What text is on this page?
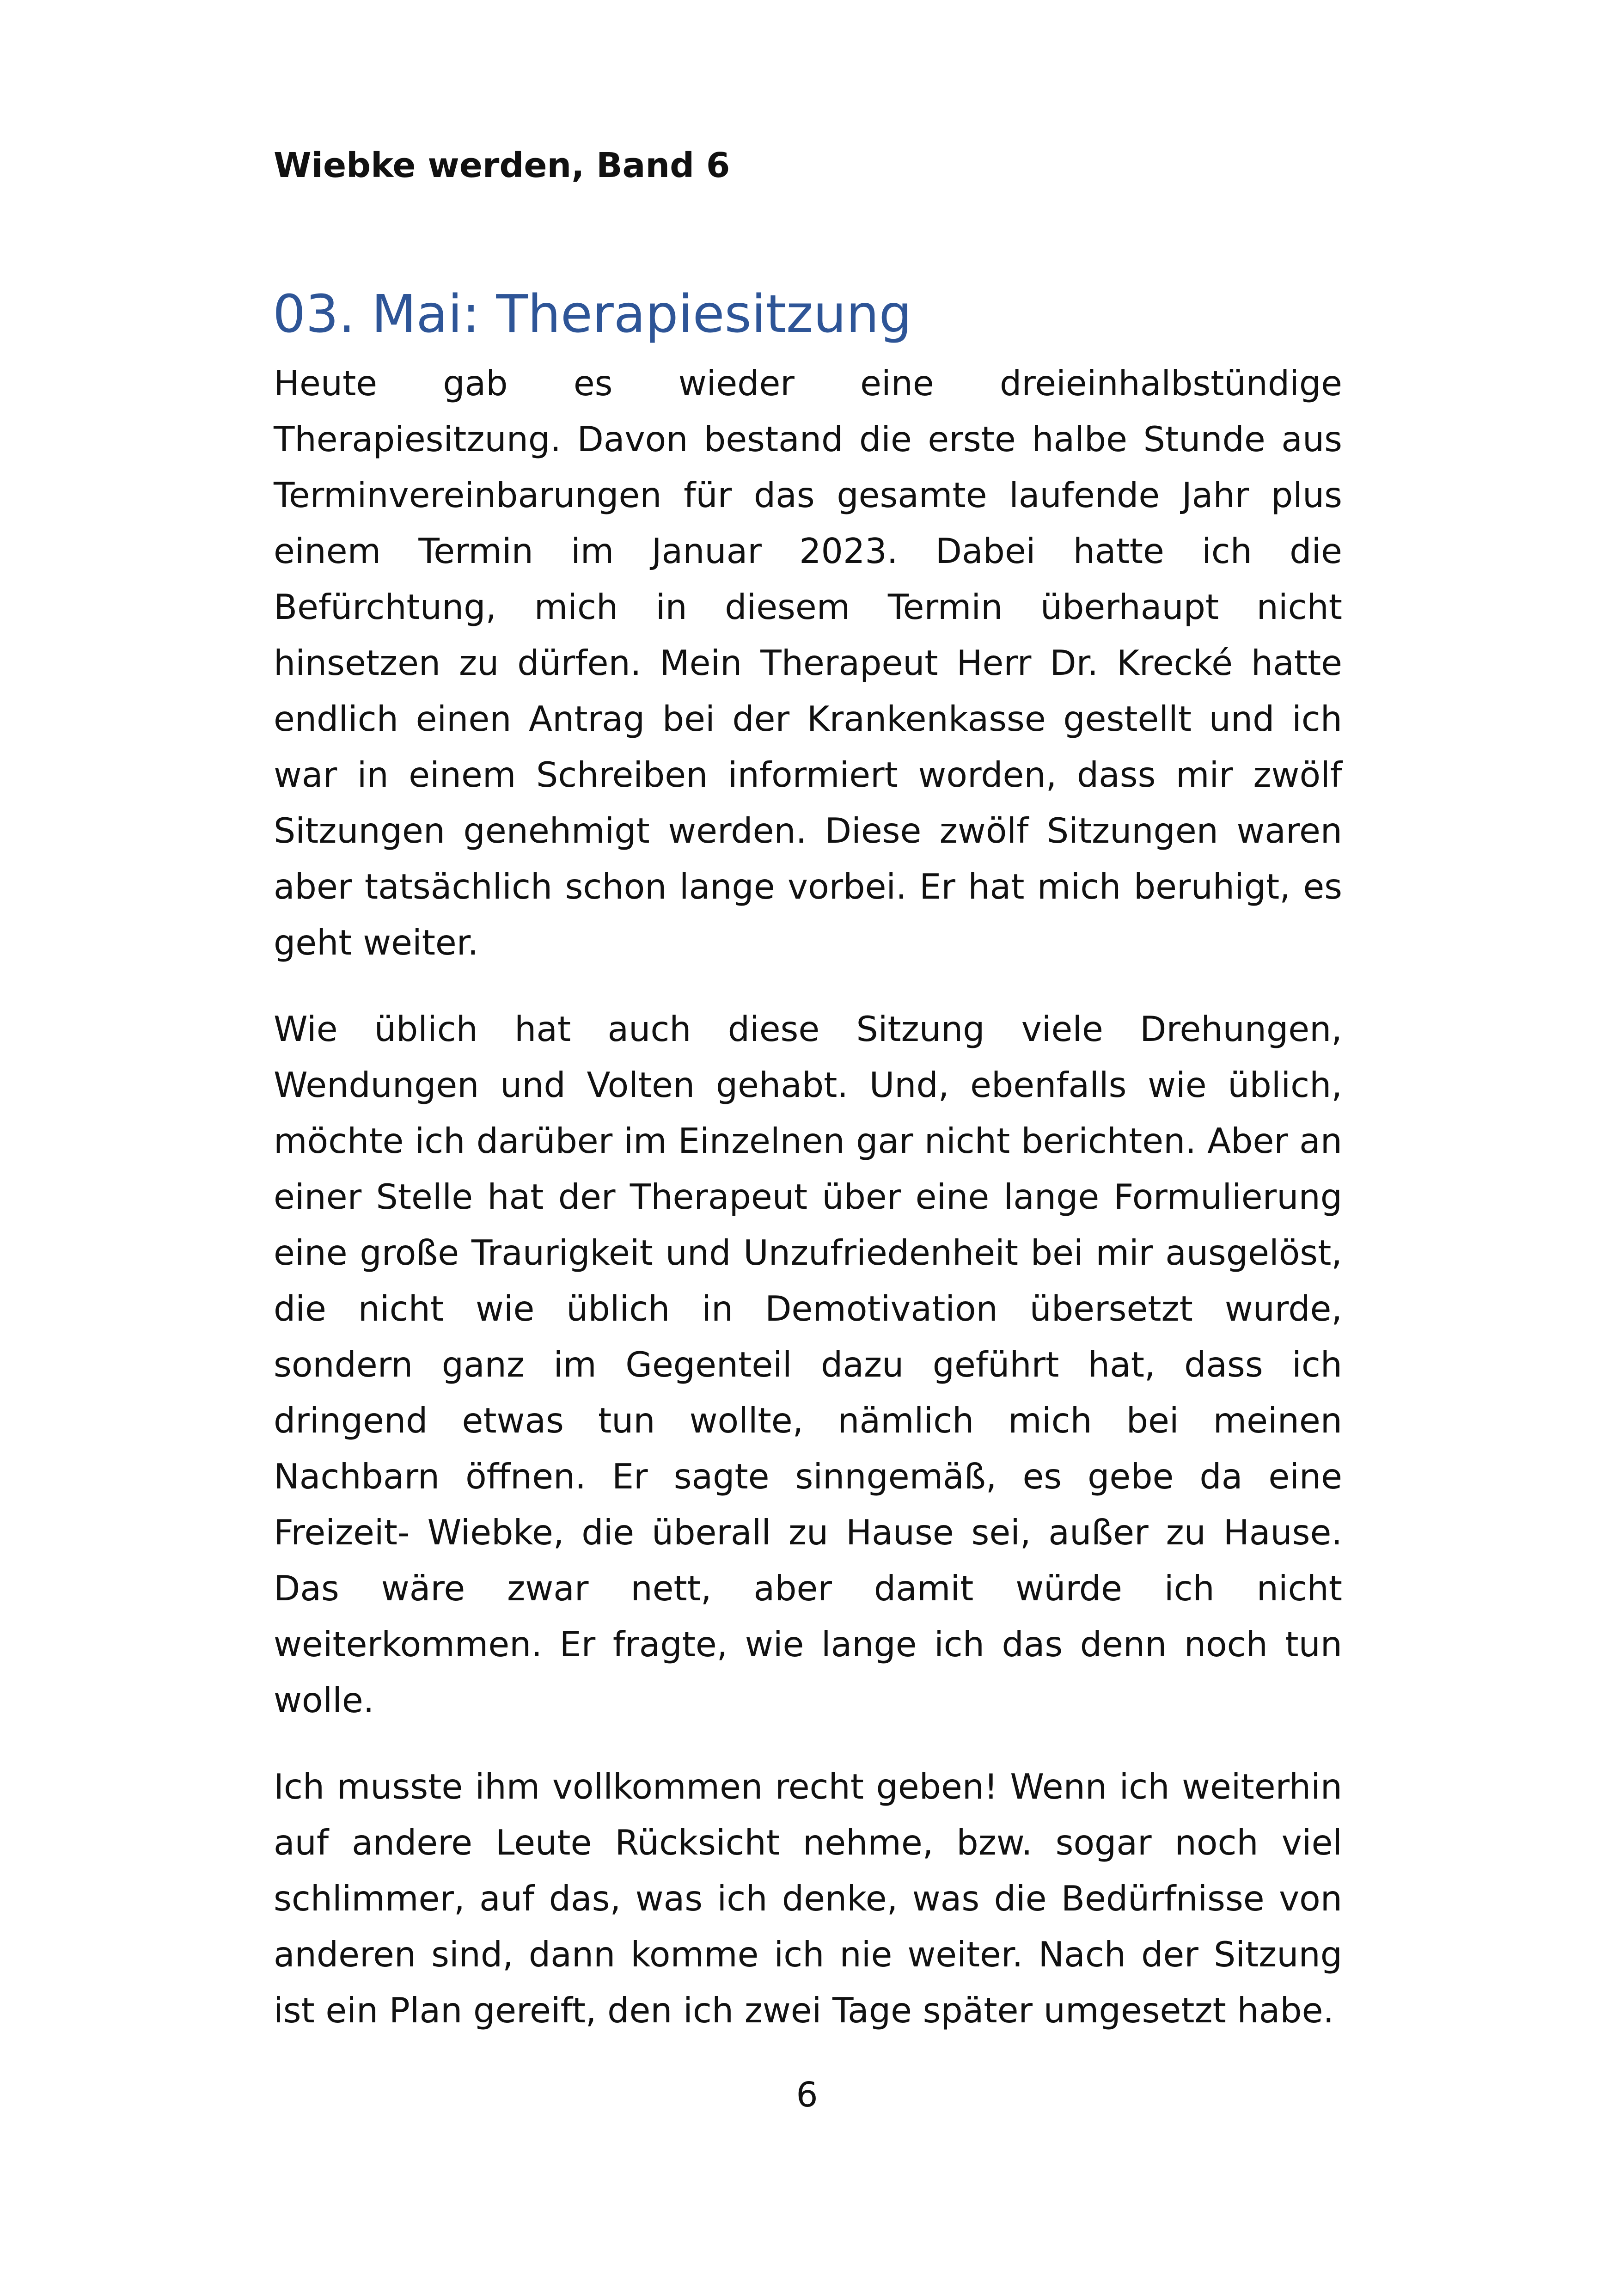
Wiebke werden, Band 6

03. Mai: Therapiesitzung

Heute gab es wieder eine dreieinhalbstündige Therapiesitzung. Davon bestand die erste halbe Stunde aus Terminvereinbarungen für das gesamte laufende Jahr plus einem Termin im Januar 2023. Dabei hatte ich die Befürchtung, mich in diesem Termin überhaupt nicht hinsetzen zu dürfen. Mein Therapeut Herr Dr. Krecké hatte endlich einen Antrag bei der Krankenkasse gestellt und ich war in einem Schreiben informiert worden, dass mir zwölf Sitzungen genehmigt werden. Diese zwölf Sitzungen waren aber tatsächlich schon lange vorbei. Er hat mich beruhigt, es geht weiter.

Wie üblich hat auch diese Sitzung viele Drehungen, Wendungen und Volten gehabt. Und, ebenfalls wie üblich, möchte ich darüber im Einzelnen gar nicht berichten. Aber an einer Stelle hat der Therapeut über eine lange Formulierung eine große Traurigkeit und Unzufriedenheit bei mir ausgelöst, die nicht wie üblich in Demotivation übersetzt wurde, sondern ganz im Gegenteil dazu geführt hat, dass ich dringend etwas tun wollte, nämlich mich bei meinen Nachbarn öffnen. Er sagte sinngemäß, es gebe da eine Freizeit- Wiebke, die überall zu Hause sei, außer zu Hause. Das wäre zwar nett, aber damit würde ich nicht weiterkommen. Er fragte, wie lange ich das denn noch tun wolle.

Ich musste ihm vollkommen recht geben! Wenn ich weiterhin auf andere Leute Rücksicht nehme, bzw. sogar noch viel schlimmer, auf das, was ich denke, was die Bedürfnisse von anderen sind, dann komme ich nie weiter. Nach der Sitzung ist ein Plan gereift, den ich zwei Tage später umgesetzt habe.

6
